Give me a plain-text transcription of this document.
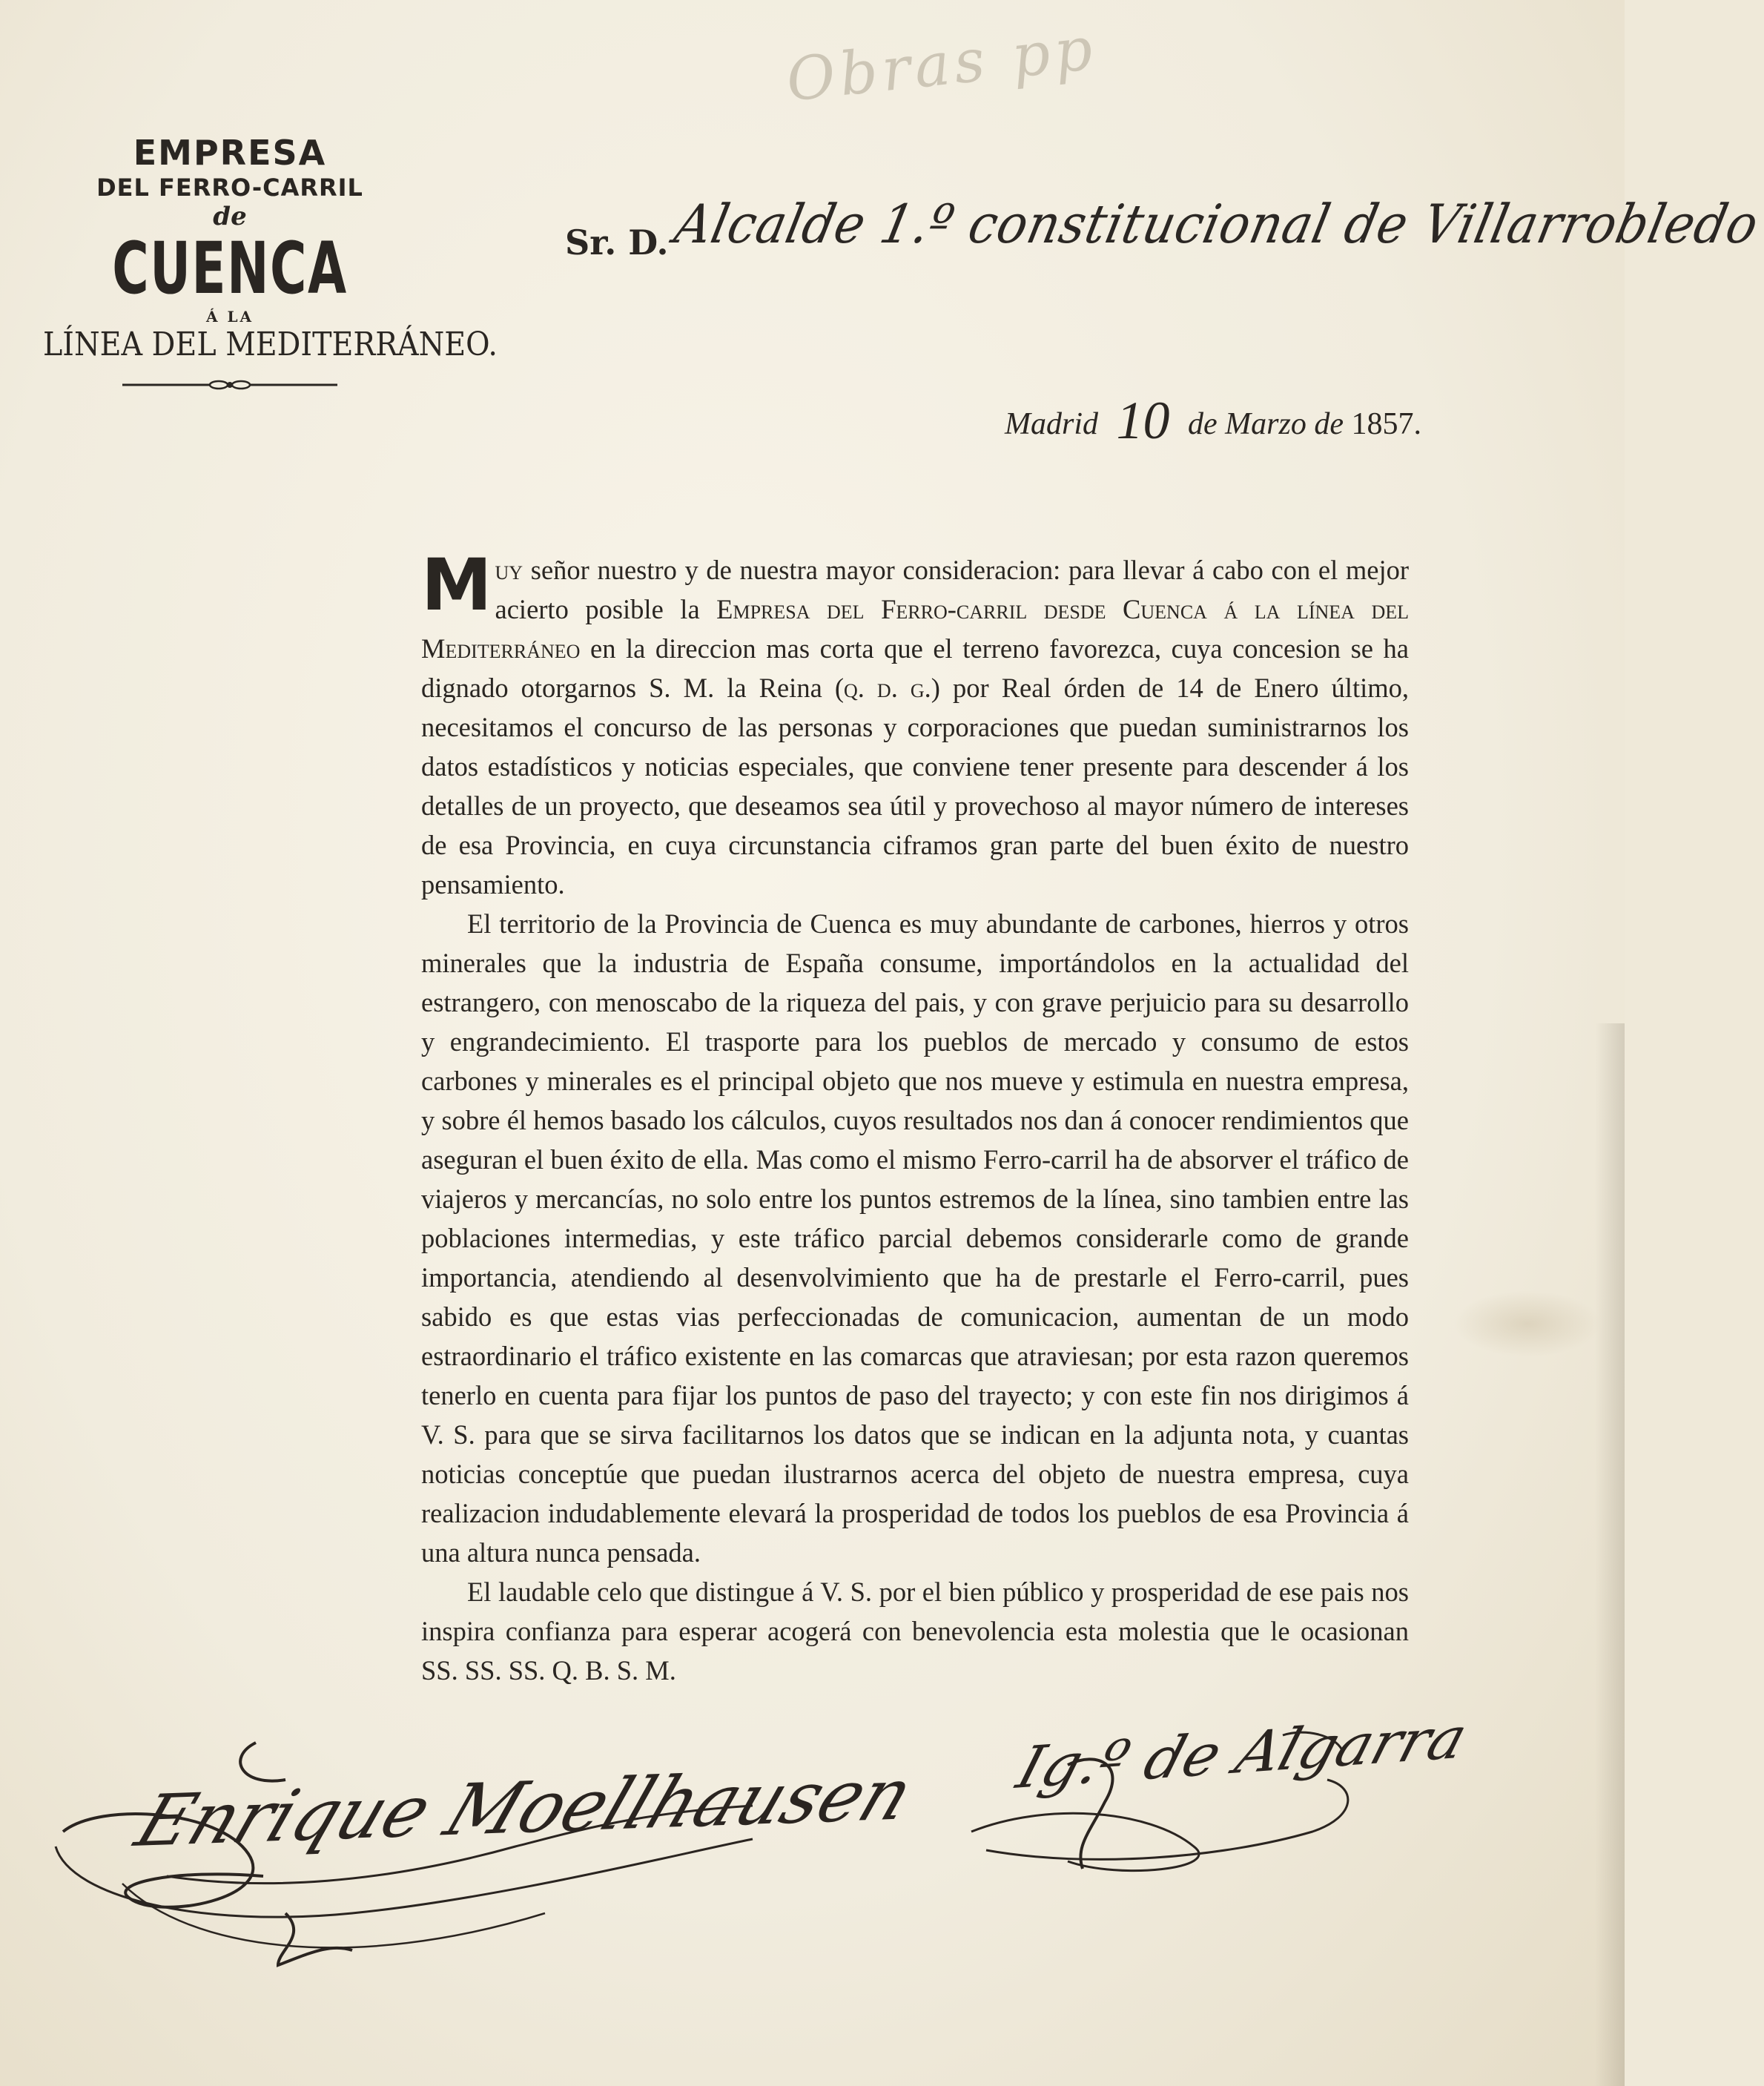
Obras pp
EMPRESA
DEL FERRO-CARRIL
de
CUENCA
Á LA
LÍNEA DEL MEDITERRÁNEO.
Sr. D. Alcalde 1.º constitucional de Villarrobledo
Madrid 10 de Marzo de 1857.

Muy señor nuestro y de nuestra mayor consideracion: para llevar á cabo con el mejor acierto posible la Empresa del Ferro-carril desde Cuenca á la línea del Mediterráneo en la direccion mas corta que el terreno favorezca, cuya concesion se ha dignado otorgarnos S. M. la Reina (q. d. g.) por Real órden de 14 de Enero último, necesitamos el concurso de las personas y corporaciones que puedan suministrarnos los datos estadísticos y noticias especiales, que conviene tener presente para descender á los detalles de un proyecto, que deseamos sea útil y provechoso al mayor número de intereses de esa Provincia, en cuya circunstancia ciframos gran parte del buen éxito de nuestro pensamiento.

El territorio de la Provincia de Cuenca es muy abundante de carbones, hierros y otros minerales que la industria de España consume, importándolos en la actualidad del estrangero, con menoscabo de la riqueza del pais, y con grave perjuicio para su desarrollo y engrandecimiento. El trasporte para los pueblos de mercado y consumo de estos carbones y minerales es el principal objeto que nos mueve y estimula en nuestra empresa, y sobre él hemos basado los cálculos, cuyos resultados nos dan á conocer rendimientos que aseguran el buen éxito de ella. Mas como el mismo Ferro-carril ha de absorver el tráfico de viajeros y mercancías, no solo entre los puntos estremos de la línea, sino tambien entre las poblaciones intermedias, y este tráfico parcial debemos considerarle como de grande importancia, atendiendo al desenvolvimiento que ha de prestarle el Ferro-carril, pues sabido es que estas vias perfeccionadas de comunicacion, aumentan de un modo estraordinario el tráfico existente en las comarcas que atraviesan; por esta razon queremos tenerlo en cuenta para fijar los puntos de paso del trayecto; y con este fin nos dirigimos á V. S. para que se sirva facilitarnos los datos que se indican en la adjunta nota, y cuantas noticias conceptúe que puedan ilustrarnos acerca del objeto de nuestra empresa, cuya realizacion indudablemente elevará la prosperidad de todos los pueblos de esa Provincia á una altura nunca pensada.

El laudable celo que distingue á V. S. por el bien público y prosperidad de ese pais nos inspira confianza para esperar acogerá con benevolencia esta molestia que le ocasionan SS. SS. SS. Q. B. S. M.

Enrique Moellhausen Ig.º de Algarra
